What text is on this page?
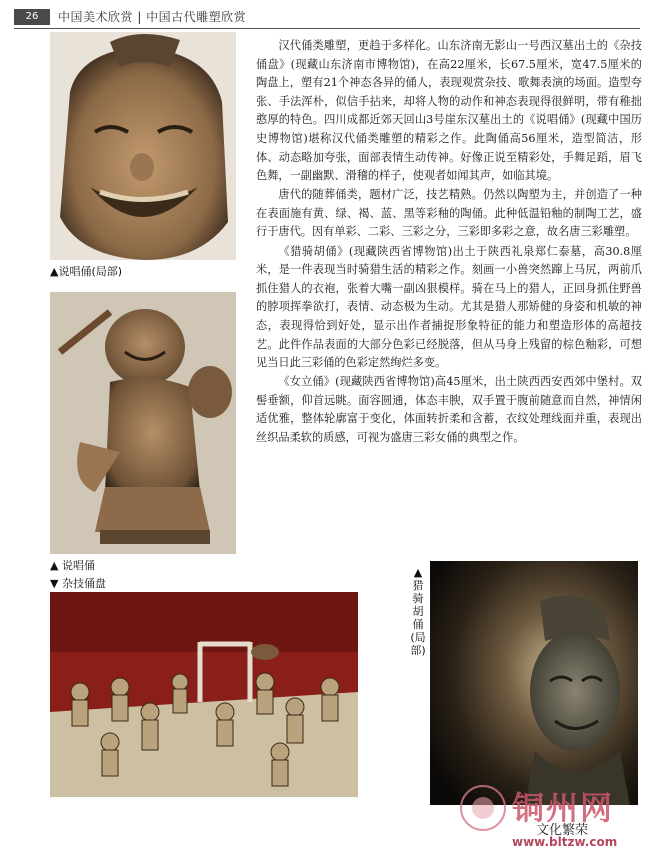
26	中国美术欣赏 | 中国古代雕塑欣赏
▲说唱俑(局部)
▲ 说唱俑
▼ 杂技俑盘
▲猎骑胡俑(局部)

汉代俑类雕塑，更趋于多样化。山东济南无影山一号西汉墓出土的《杂技俑盘》(现藏山东济南市博物馆)，在高22厘米，长67.5厘米，宽47.5厘米的陶盘上，塑有21个神态各异的俑人，表现观赏杂技、歌舞表演的场面。造型夸张、手法浑朴，似信手拈来，却将人物的动作和神态表现得很鲜明，带有稚拙憨厚的特色。四川成都近郊天回山3号崖东汉墓出土的《说唱俑》(现藏中国历史博物馆)堪称汉代俑类雕塑的精彩之作。此陶俑高56厘米，造型简洁，形体、动态略加夸张，面部表情生动传神。好像正说至精彩处，手舞足蹈，眉飞色舞，一副幽默、滑稽的样子，使观者如闻其声，如临其境。

唐代的随葬俑类，题材广泛，技艺精熟。仍然以陶塑为主，并创造了一种在表面施有黄、绿、褐、蓝、黑等彩釉的陶俑。此种低温铅釉的制陶工艺，盛行于唐代。因有单彩、二彩、三彩之分，三彩即多彩之意，故名唐三彩雕塑。

《猎骑胡俑》(现藏陕西省博物馆)出土于陕西礼泉郑仁泰墓，高30.8厘米，是一件表现当时骑猎生活的精彩之作。刻画一小兽突然蹿上马尻，两前爪抓住猎人的衣袍，张着大嘴一副凶狠模样。骑在马上的猎人，正回身抓住野兽的脖项挥拳欲打，表情、动态极为生动。尤其是猎人那矫健的身姿和机敏的神态，表现得恰到好处，显示出作者捕捉形象特征的能力和塑造形体的高超技艺。此件作品表面的大部分色彩已经脱落，但从马身上残留的棕色釉彩，可想见当日此三彩俑的色彩定然绚烂多变。

《女立俑》(现藏陕西省博物馆)高45厘米，出土陕西西安西郊中堡村。双髻垂额，仰首远眺。面容圆通，体态丰腴，双手置于腹前随意而自然，神情闲适优雅，整体轮廓富于变化，体面转折柔和含蓄，衣纹处理线面并重，表现出丝织品柔软的质感，可视为盛唐三彩女俑的典型之作。

铜州网
文化繁荣
www.bltzw.com
